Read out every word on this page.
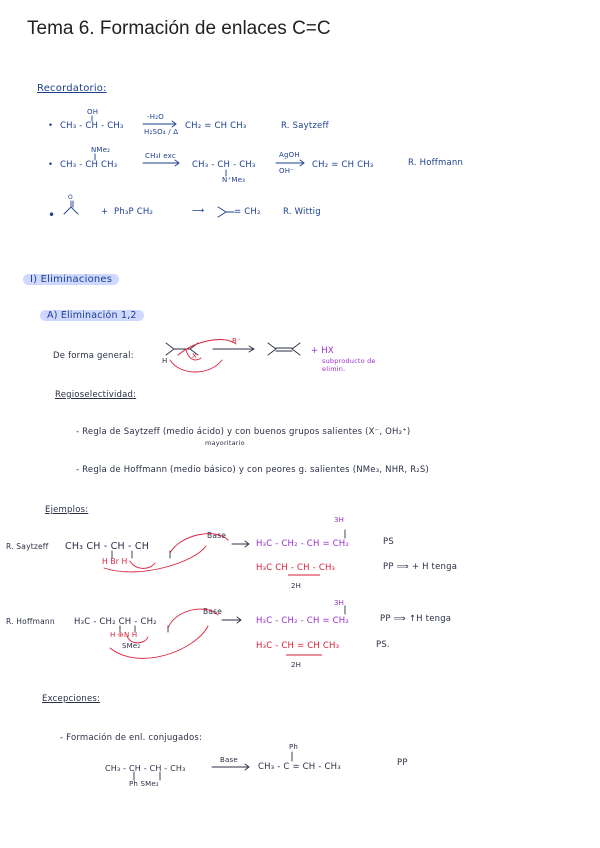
Tema 6. Formación de enlaces C=C
Recordatorio:
•
OH
CH₃ - CH - CH₃
-H₂O
H₂SO₄ / Δ
CH₂ = CH CH₃	R. Saytzeff
•
NMe₂
CH₃ - CH CH₃
CH₃I exc
CH₃ - CH - CH₃
N⁺Me₃
AgOH
OH⁻
CH₂ = CH CH₃	R. Hoffmann
•	+ Ph₃P CH₂	⟶	= CH₂	R. Wittig
I) Eliminaciones
A) Eliminación 1,2
De forma general:
B⁻
X
H
+ HX
subproducto de elimin.
Regioselectividad:
- Regla de Saytzeff (medio ácido) y con buenos grupos salientes (X⁻, OH₂⁺)
mayoritario
- Regla de Hoffmann (medio básico) y con peores g. salientes (NMe₃, NHR, R₂S)
Ejemplos:
R. Saytzeff CH₃ CH - CH - CH
H Br H
Base
3H
H₃C - CH₂ - CH = CH₂	PS
H₃C CH - CH - CH₃
2H
PP ⟹ + H tenga
R. Hoffmann H₃C - CH₂ CH - CH₂
H ⊕N H
SMe₂
Base
3H
H₃C - CH₂ - CH = CH₂	PP ⟹ ↑H tenga
H₃C - CH = CH CH₃
2H
PS.
Excepciones:
- Formación de enl. conjugados:
CH₃ - CH - CH - CH₃
Ph SMe₂
Base
Ph
CH₃ - C = CH - CH₃	PP
O
